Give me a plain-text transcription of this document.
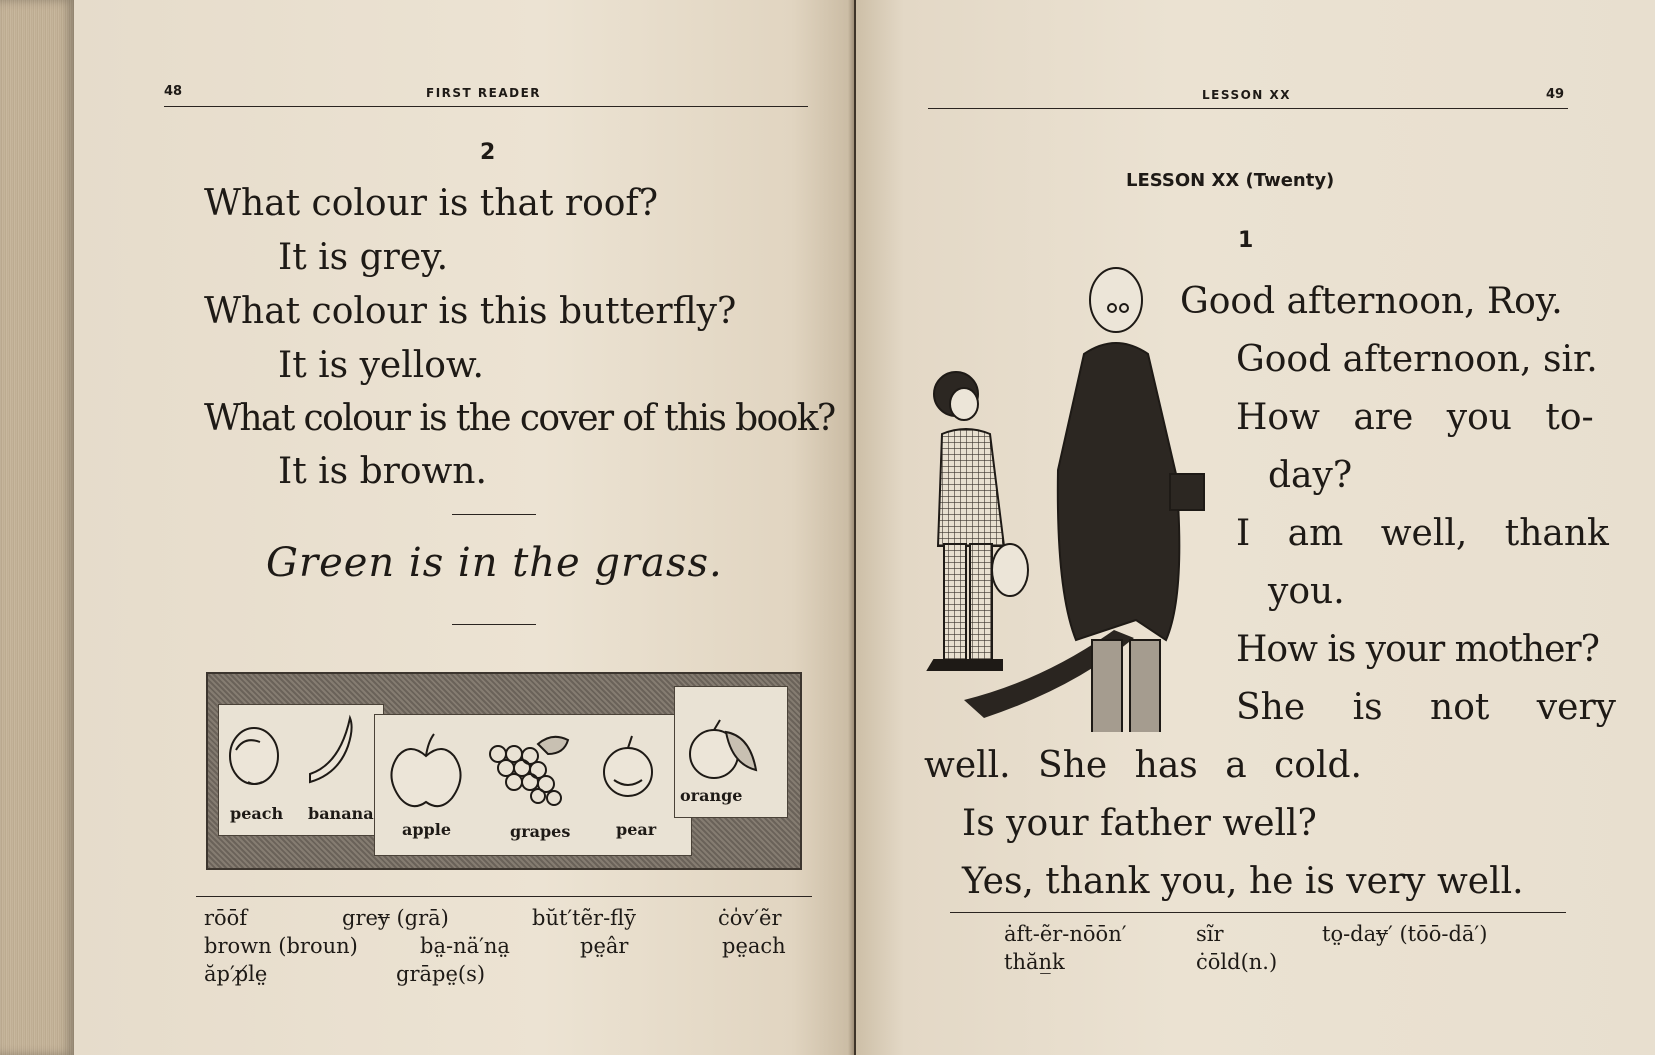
48	FIRST READER
2
What colour is that roof?
It is grey.
What colour is this butterfly?
It is yellow.
What colour is the cover of this book?
It is brown.
Green is in the grass.
peach banana
apple	grapes	pear
orange
rōōf	greɏ (grā)	bŭt′tẽr-flȳ	ċo̍v′ẽr
brown (broun)	ba̤-nä′na̤	pe̤âr	pe̤ach
ăp′p̸le̤	grāpe̤(s)
LESSON XX	49
LESSON XX (Twenty)
1
Good afternoon, Roy.
Good afternoon, sir.
How are you to-
day?
I am well, thank
you.
How is your mother?
She is not very
well. She has a cold.
Is your father well?
Yes, thank you, he is very well.
ȧft-ẽr-nōōn′	sĩr	to̤-daɏ′ (tōō-dā′)
thăn̲k	ċōld(n.)
